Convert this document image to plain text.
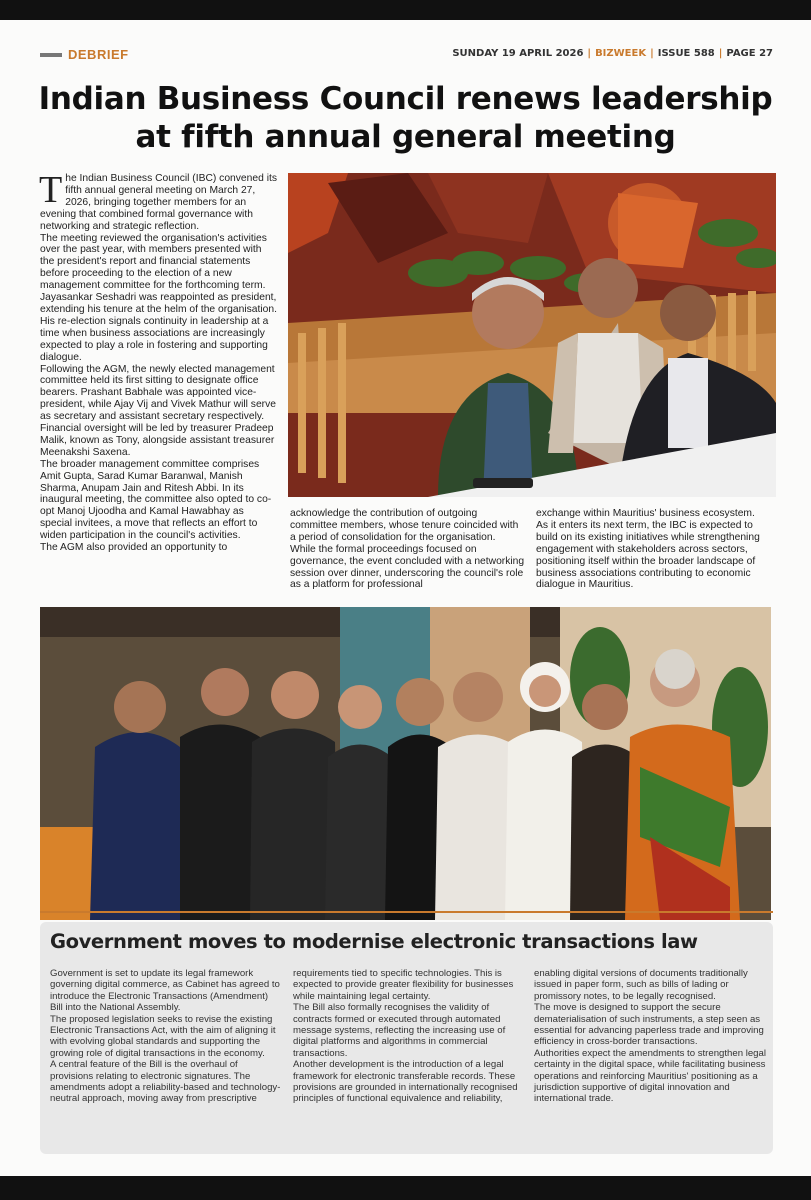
DEBRIEF	SUNDAY 19 APRIL 2026 | BIZWEEK | ISSUE 588 | PAGE 27
Indian Business Council renews leadership
at fifth annual general meeting
T he Indian Business Council (IBC) convened its fifth annual general meeting on March 27, 2026, bringing together members for an evening that combined formal governance with networking and strategic reflection.

The meeting reviewed the organisation's activities over the past year, with members presented with the president's report and financial statements before proceeding to the election of a new management committee for the forthcoming term.

Jayasankar Seshadri was reappointed as president, extending his tenure at the helm of the organisation. His re-election signals continuity in leadership at a time when business associations are increasingly expected to play a role in fostering and supporting dialogue.

Following the AGM, the newly elected management committee held its first sitting to designate office bearers. Prashant Babhale was appointed vice-president, while Ajay Vij and Vivek Mathur will serve as secretary and assistant secretary respectively. Financial oversight will be led by treasurer Pradeep Malik, known as Tony, alongside assistant treasurer Meenakshi Saxena.

The broader management committee comprises Amit Gupta, Sarad Kumar Baranwal, Manish Sharma, Anupam Jain and Ritesh Abbi. In its inaugural meeting, the committee also opted to co-opt Manoj Ujoodha and Kamal Hawabhay as special invitees, a move that reflects an effort to widen participation in the council's activities.

The AGM also provided an opportunity to

acknowledge the contribution of outgoing committee members, whose tenure coincided with a period of consolidation for the organisation.

While the formal proceedings focused on governance, the event concluded with a networking session over dinner, underscoring the council's role as a platform for professional

exchange within Mauritius' business ecosystem.

As it enters its next term, the IBC is expected to build on its existing initiatives while strengthening engagement with stakeholders across sectors, positioning itself within the broader landscape of business associations contributing to economic dialogue in Mauritius.

Government moves to modernise electronic transactions law

Government is set to update its legal framework governing digital commerce, as Cabinet has agreed to introduce the Electronic Transactions (Amendment) Bill into the National Assembly.

The proposed legislation seeks to revise the existing Electronic Transactions Act, with the aim of aligning it with evolving global standards and supporting the growing role of digital transactions in the economy.

A central feature of the Bill is the overhaul of provisions relating to electronic signatures. The amendments adopt a reliability-based and technology-neutral approach, moving away from prescriptive

requirements tied to specific technologies. This is expected to provide greater flexibility for businesses while maintaining legal certainty.

The Bill also formally recognises the validity of contracts formed or executed through automated message systems, reflecting the increasing use of digital platforms and algorithms in commercial transactions.

Another development is the introduction of a legal framework for electronic transferable records. These provisions are grounded in internationally recognised principles of functional equivalence and reliability,

enabling digital versions of documents traditionally issued in paper form, such as bills of lading or promissory notes, to be legally recognised.

The move is designed to support the secure dematerialisation of such instruments, a step seen as essential for advancing paperless trade and improving efficiency in cross-border transactions.

Authorities expect the amendments to strengthen legal certainty in the digital space, while facilitating business operations and reinforcing Mauritius' positioning as a jurisdiction supportive of digital innovation and international trade.
